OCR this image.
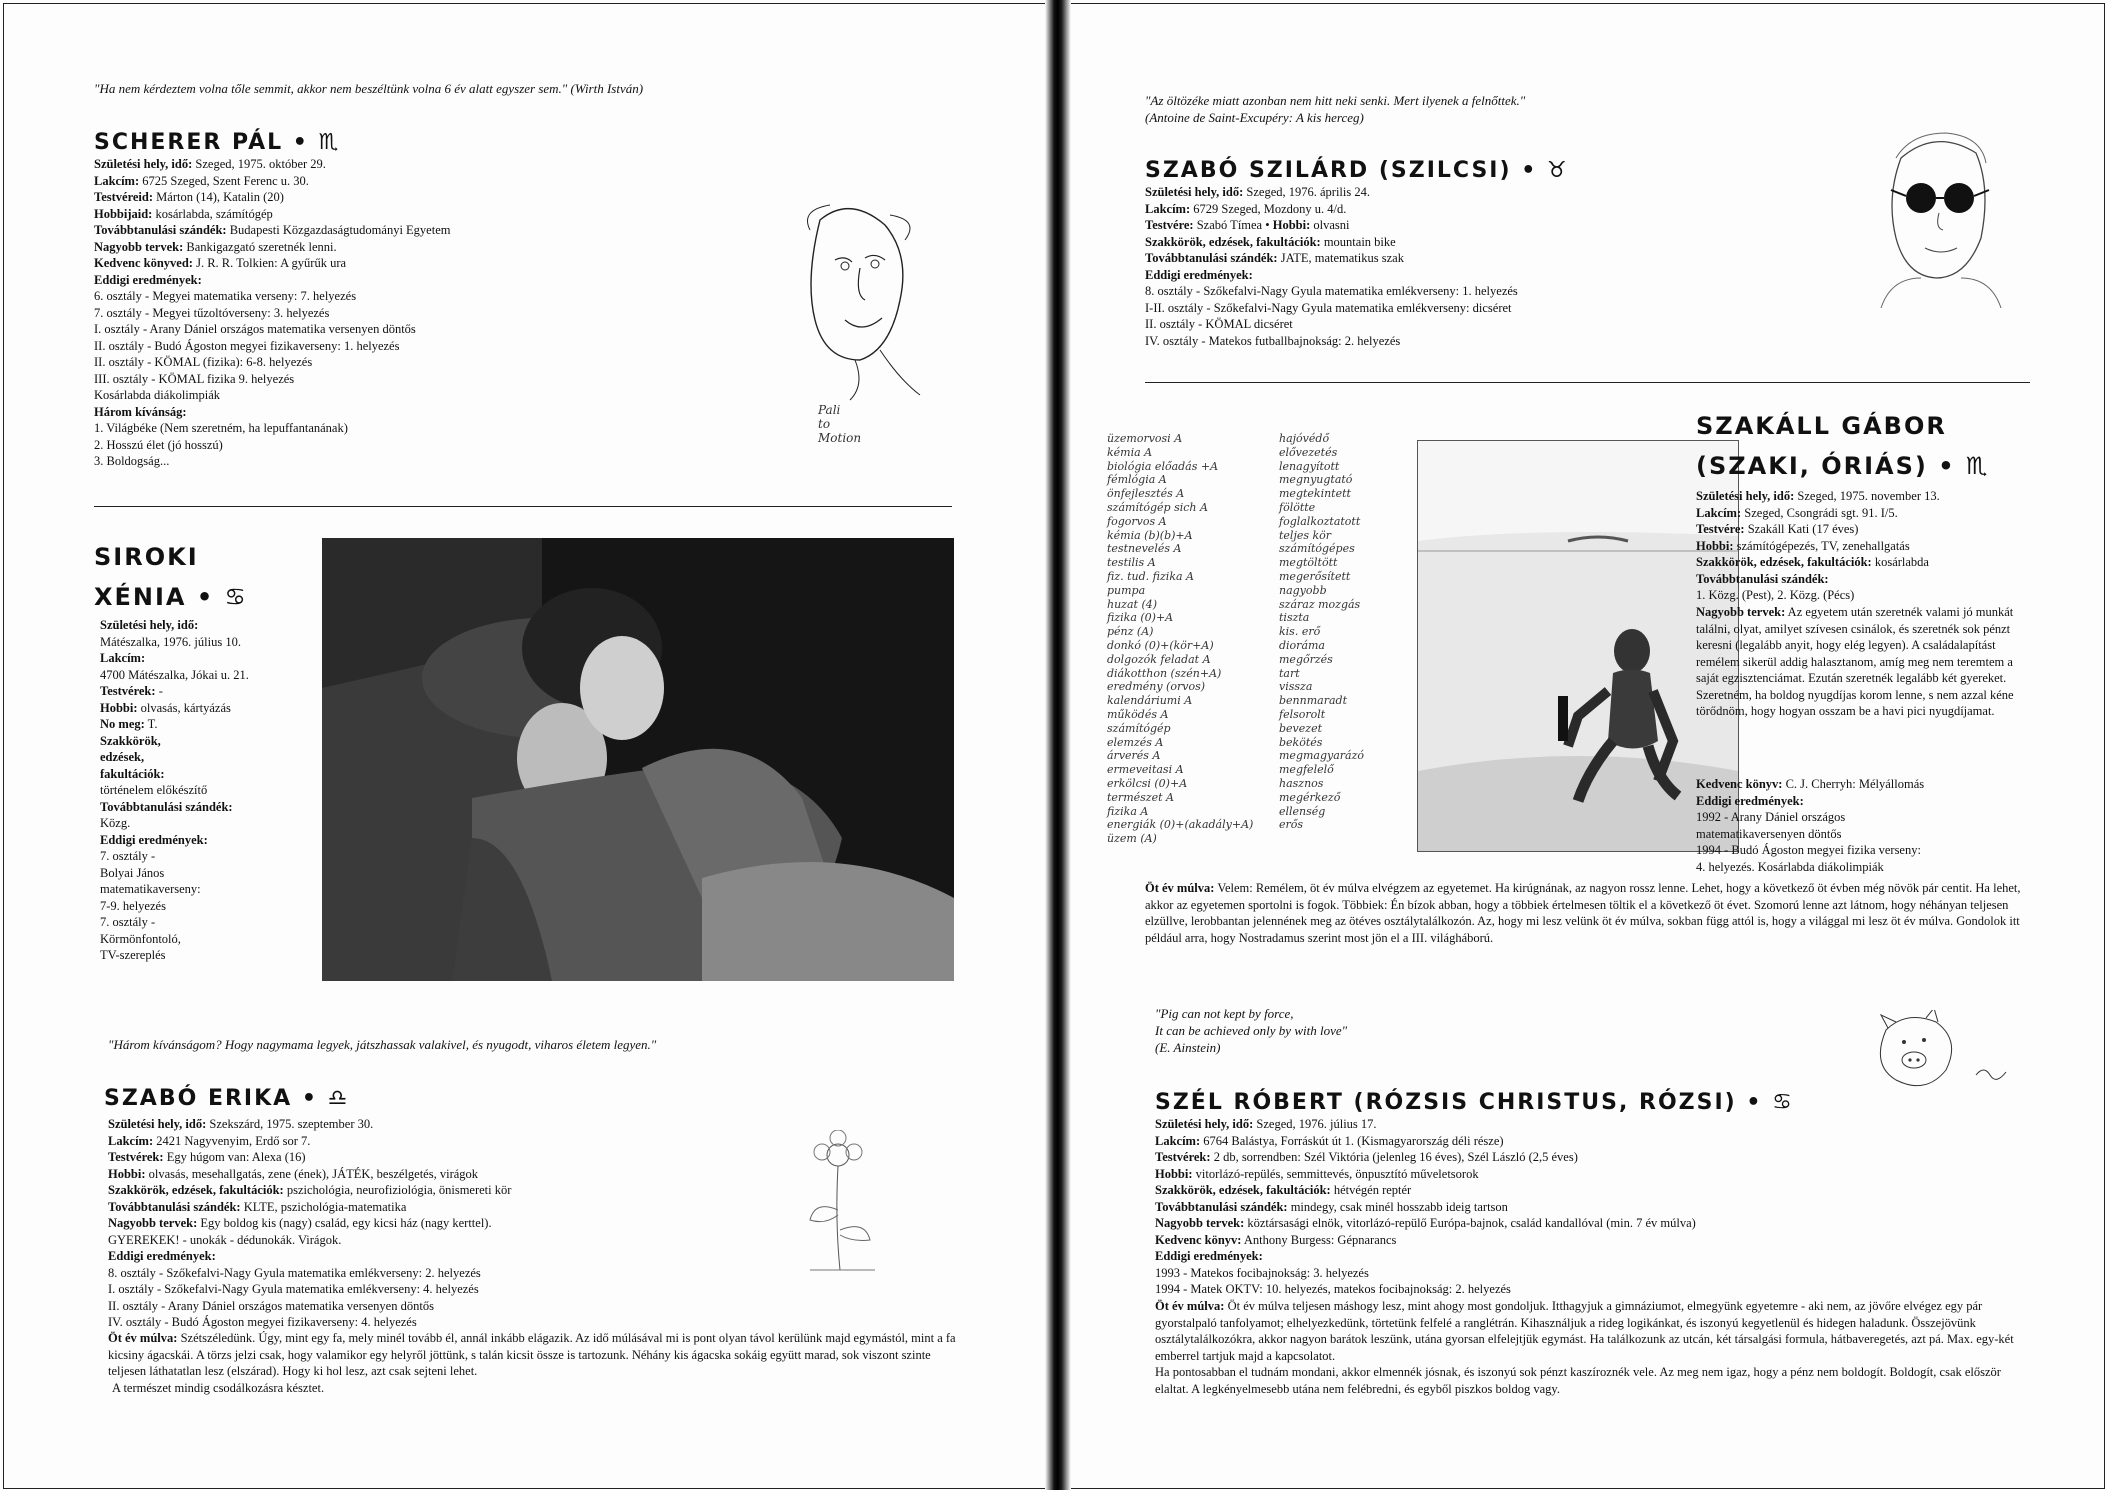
"Ha nem kérdeztem volna tőle semmit, akkor nem beszéltünk volna 6 év alatt egyszer sem." (Wirth István)
SCHERER PÁL • ♏
Születési hely, idő: Szeged, 1975. október 29.
Lakcím: 6725 Szeged, Szent Ferenc u. 30.
Testvéreid: Márton (14), Katalin (20)
Hobbijaid: kosárlabda, számítógép
Továbbtanulási szándék: Budapesti Közgazdaságtudományi Egyetem
Nagyobb tervek: Bankigazgató szeretnék lenni.
Kedvenc könyved: J. R. R. Tolkien: A gyűrűk ura
Eddigi eredmények:
6. osztály - Megyei matematika verseny: 7. helyezés
7. osztály - Megyei tűzoltóverseny: 3. helyezés
I. osztály - Arany Dániel országos matematika versenyen döntős
II. osztály - Budó Ágoston megyei fizikaverseny: 1. helyezés
II. osztály - KÖMAL (fizika): 6-8. helyezés
III. osztály - KÖMAL fizika 9. helyezés
Kosárlabda diákolimpiák
Három kívánság:
1. Világbéke (Nem szeretném, ha lepuffantanának)
2. Hosszú élet (jó hosszú)
3. Boldogság...
Pali
to
Motion
SIROKI
XÉNIA • ♋
Születési hely, idő:
Mátészalka, 1976. július 10.
Lakcím:
4700 Mátészalka, Jókai u. 21.
Testvérek: -
Hobbi: olvasás, kártyázás
No meg: T.
Szakkörök,
edzések,
fakultációk:
történelem előkészítő
Továbbtanulási szándék:
Közg.
Eddigi eredmények:
7. osztály -
Bolyai János
matematikaverseny:
7-9. helyezés
7. osztály -
Körmönfontoló,
TV-szereplés
"Három kívánságom? Hogy nagymama legyek, játszhassak valakivel, és nyugodt, viharos életem legyen."
SZABÓ ERIKA • ♎
Születési hely, idő: Szekszárd, 1975. szeptember 30.
Lakcím: 2421 Nagyvenyim, Erdő sor 7.
Testvérek: Egy húgom van: Alexa (16)
Hobbi: olvasás, mesehallgatás, zene (ének), JÁTÉK, beszélgetés, virágok
Szakkörök, edzések, fakultációk: pszichológia, neurofiziológia, önismereti kör
Továbbtanulási szándék: KLTE, pszichológia-matematika
Nagyobb tervek: Egy boldog kis (nagy) család, egy kicsi ház (nagy kerttel).
GYEREKEK! - unokák - dédunokák. Virágok.
Eddigi eredmények:
8. osztály - Szőkefalvi-Nagy Gyula matematika emlékverseny: 2. helyezés
I. osztály - Szőkefalvi-Nagy Gyula matematika emlékverseny: 4. helyezés
II. osztály - Arany Dániel országos matematika versenyen döntős
IV. osztály - Budó Ágoston megyei fizikaverseny: 4. helyezés
Öt év múlva: Szétszéledünk. Úgy, mint egy fa, mely minél tovább él, annál inkább elágazik. Az idő múlásával mi is pont olyan távol kerülünk majd egymástól, mint a fa kicsiny ágacskái. A törzs jelzi csak, hogy valamikor egy helyről jöttünk, s talán kicsit össze is tartozunk. Néhány kis ágacska sokáig együtt marad, sok viszont szinte teljesen láthatatlan lesz (elszárad). Hogy ki hol lesz, azt csak sejteni lehet.
A természet mindig csodálkozásra késztet.
"Az öltözéke miatt azonban nem hitt neki senki. Mert ilyenek a felnőttek."
(Antoine de Saint-Excupéry: A kis herceg)
SZABÓ SZILÁRD (SZILCSI) • ♉
Születési hely, idő: Szeged, 1976. április 24.
Lakcím: 6729 Szeged, Mozdony u. 4/d.
Testvére: Szabó Tímea • Hobbi: olvasni
Szakkörök, edzések, fakultációk: mountain bike
Továbbtanulási szándék: JATE, matematikus szak
Eddigi eredmények:
8. osztály - Szőkefalvi-Nagy Gyula matematika emlékverseny: 1. helyezés
I-II. osztály - Szőkefalvi-Nagy Gyula matematika emlékverseny: dicséret
II. osztály - KÖMAL dicséret
IV. osztály - Matekos futballbajnokság: 2. helyezés
üzemorvosi A
kémia A
biológia előadás +A
fémlógia A
önfejlesztés A
számítógép sich A
fogorvos A
kémia (b)(b)+A
testnevelés A
testilis A
fiz. tud. fizika A
pumpa
huzat (4)
fizika (0)+A
pénz (A)
donkó (0)+(kör+A)
dolgozók feladat A
diákotthon (szén+A)
eredmény (orvos)
kalendáriumi A
működés A
számítógép
elemzés A
árverés A
ermeveitasi A
erkölcsi (0)+A
természet A
fizika A
energiák (0)+(akadály+A)
üzem (A)
hajóvédő
elővezetés
lenagyított
megnyugtató
megtekintett
fölötte
foglalkoztatott
teljes kör
számítógépes
megtöltött
megerősített
nagyobb
száraz mozgás
tiszta
kis. erő
dioráma
megőrzés
tart
vissza
bennmaradt
felsorolt
bevezet
bekötés
megmagyarázó
megfelelő
hasznos
megérkező
ellenség
erős
SZAKÁLL GÁBOR
(SZAKI, ÓRIÁS) • ♏
Születési hely, idő: Szeged, 1975. november 13.
Lakcím: Szeged, Csongrádi sgt. 91. I/5.
Testvére: Szakáll Kati (17 éves)
Hobbi: számítógépezés, TV, zenehallgatás
Szakkörök, edzések, fakultációk: kosárlabda
Továbbtanulási szándék:
1. Közg. (Pest), 2. Közg. (Pécs)
Nagyobb tervek: Az egyetem után szeretnék valami jó munkát találni, olyat, amilyet szívesen csinálok, és szeretnék sok pénzt keresni (legalább anyit, hogy elég legyen). A családalapítást remélem sikerül addig halasztanom, amíg meg nem teremtem a saját egzisztenciámat. Ezután szeretnék legalább két gyereket. Szeretném, ha boldog nyugdíjas korom lenne, s nem azzal kéne törődnöm, hogy hogyan osszam be a havi pici nyugdíjamat.
Kedvenc könyv: C. J. Cherryh: Mélyállomás
Eddigi eredmények:
1992 - Arany Dániel országos
matematikaversenyen döntős
1994 - Budó Ágoston megyei fizika verseny:
4. helyezés. Kosárlabda diákolimpiák
Öt év múlva: Velem: Remélem, öt év múlva elvégzem az egyetemet. Ha kirúgnának, az nagyon rossz lenne. Lehet, hogy a következő öt évben még növök pár centit. Ha lehet, akkor az egyetemen sportolni is fogok. Többiek: Én bízok abban, hogy a többiek értelmesen töltik el a következő öt évet. Szomorú lenne azt látnom, hogy néhányan teljesen elzüllve, lerobbantan jelennének meg az ötéves osztálytalálkozón. Az, hogy mi lesz velünk öt év múlva, sokban függ attól is, hogy a világgal mi lesz öt év múlva. Gondolok itt például arra, hogy Nostradamus szerint most jön el a III. világháború.
"Pig can not kept by force,
It can be achieved only by with love"
(E. Ainstein)
SZÉL RÓBERT (RÓZSIS CHRISTUS, RÓZSI) • ♋
Születési hely, idő: Szeged, 1976. július 17.
Lakcím: 6764 Balástya, Forráskút út 1. (Kismagyarország déli része)
Testvérek: 2 db, sorrendben: Szél Viktória (jelenleg 16 éves), Szél László (2,5 éves)
Hobbi: vitorlázó-repülés, semmittevés, önpusztító műveletsorok
Szakkörök, edzések, fakultációk: hétvégén reptér
Továbbtanulási szándék: mindegy, csak minél hosszabb ideig tartson
Nagyobb tervek: köztársasági elnök, vitorlázó-repülő Európa-bajnok, család kandallóval (min. 7 év múlva)
Kedvenc könyv: Anthony Burgess: Gépnarancs
Eddigi eredmények:
1993 - Matekos focibajnokság: 3. helyezés
1994 - Matek OKTV: 10. helyezés, matekos focibajnokság: 2. helyezés
Öt év múlva: Öt év múlva teljesen máshogy lesz, mint ahogy most gondoljuk. Itthagyjuk a gimnáziumot, elmegyünk egyetemre - aki nem, az jövőre elvégez egy pár gyorstalpaló tanfolyamot; elhelyezkedünk, törtetünk felfelé a ranglétrán. Kihasználjuk a rideg logikánkat, és iszonyú kegyetlenül és hidegen haladunk. Összejövünk osztálytalálkozókra, akkor nagyon barátok leszünk, utána gyorsan elfelejtjük egymást. Ha találkozunk az utcán, két társalgási formula, hátbaveregetés, azt pá. Max. egy-két emberrel tartjuk majd a kapcsolatot.
Ha pontosabban el tudnám mondani, akkor elmennék jósnak, és iszonyú sok pénzt kaszíroznék vele. Az meg nem igaz, hogy a pénz nem boldogít. Boldogít, csak először elaltat. A legkényelmesebb utána nem felébredni, és egyből piszkos boldog vagy.
